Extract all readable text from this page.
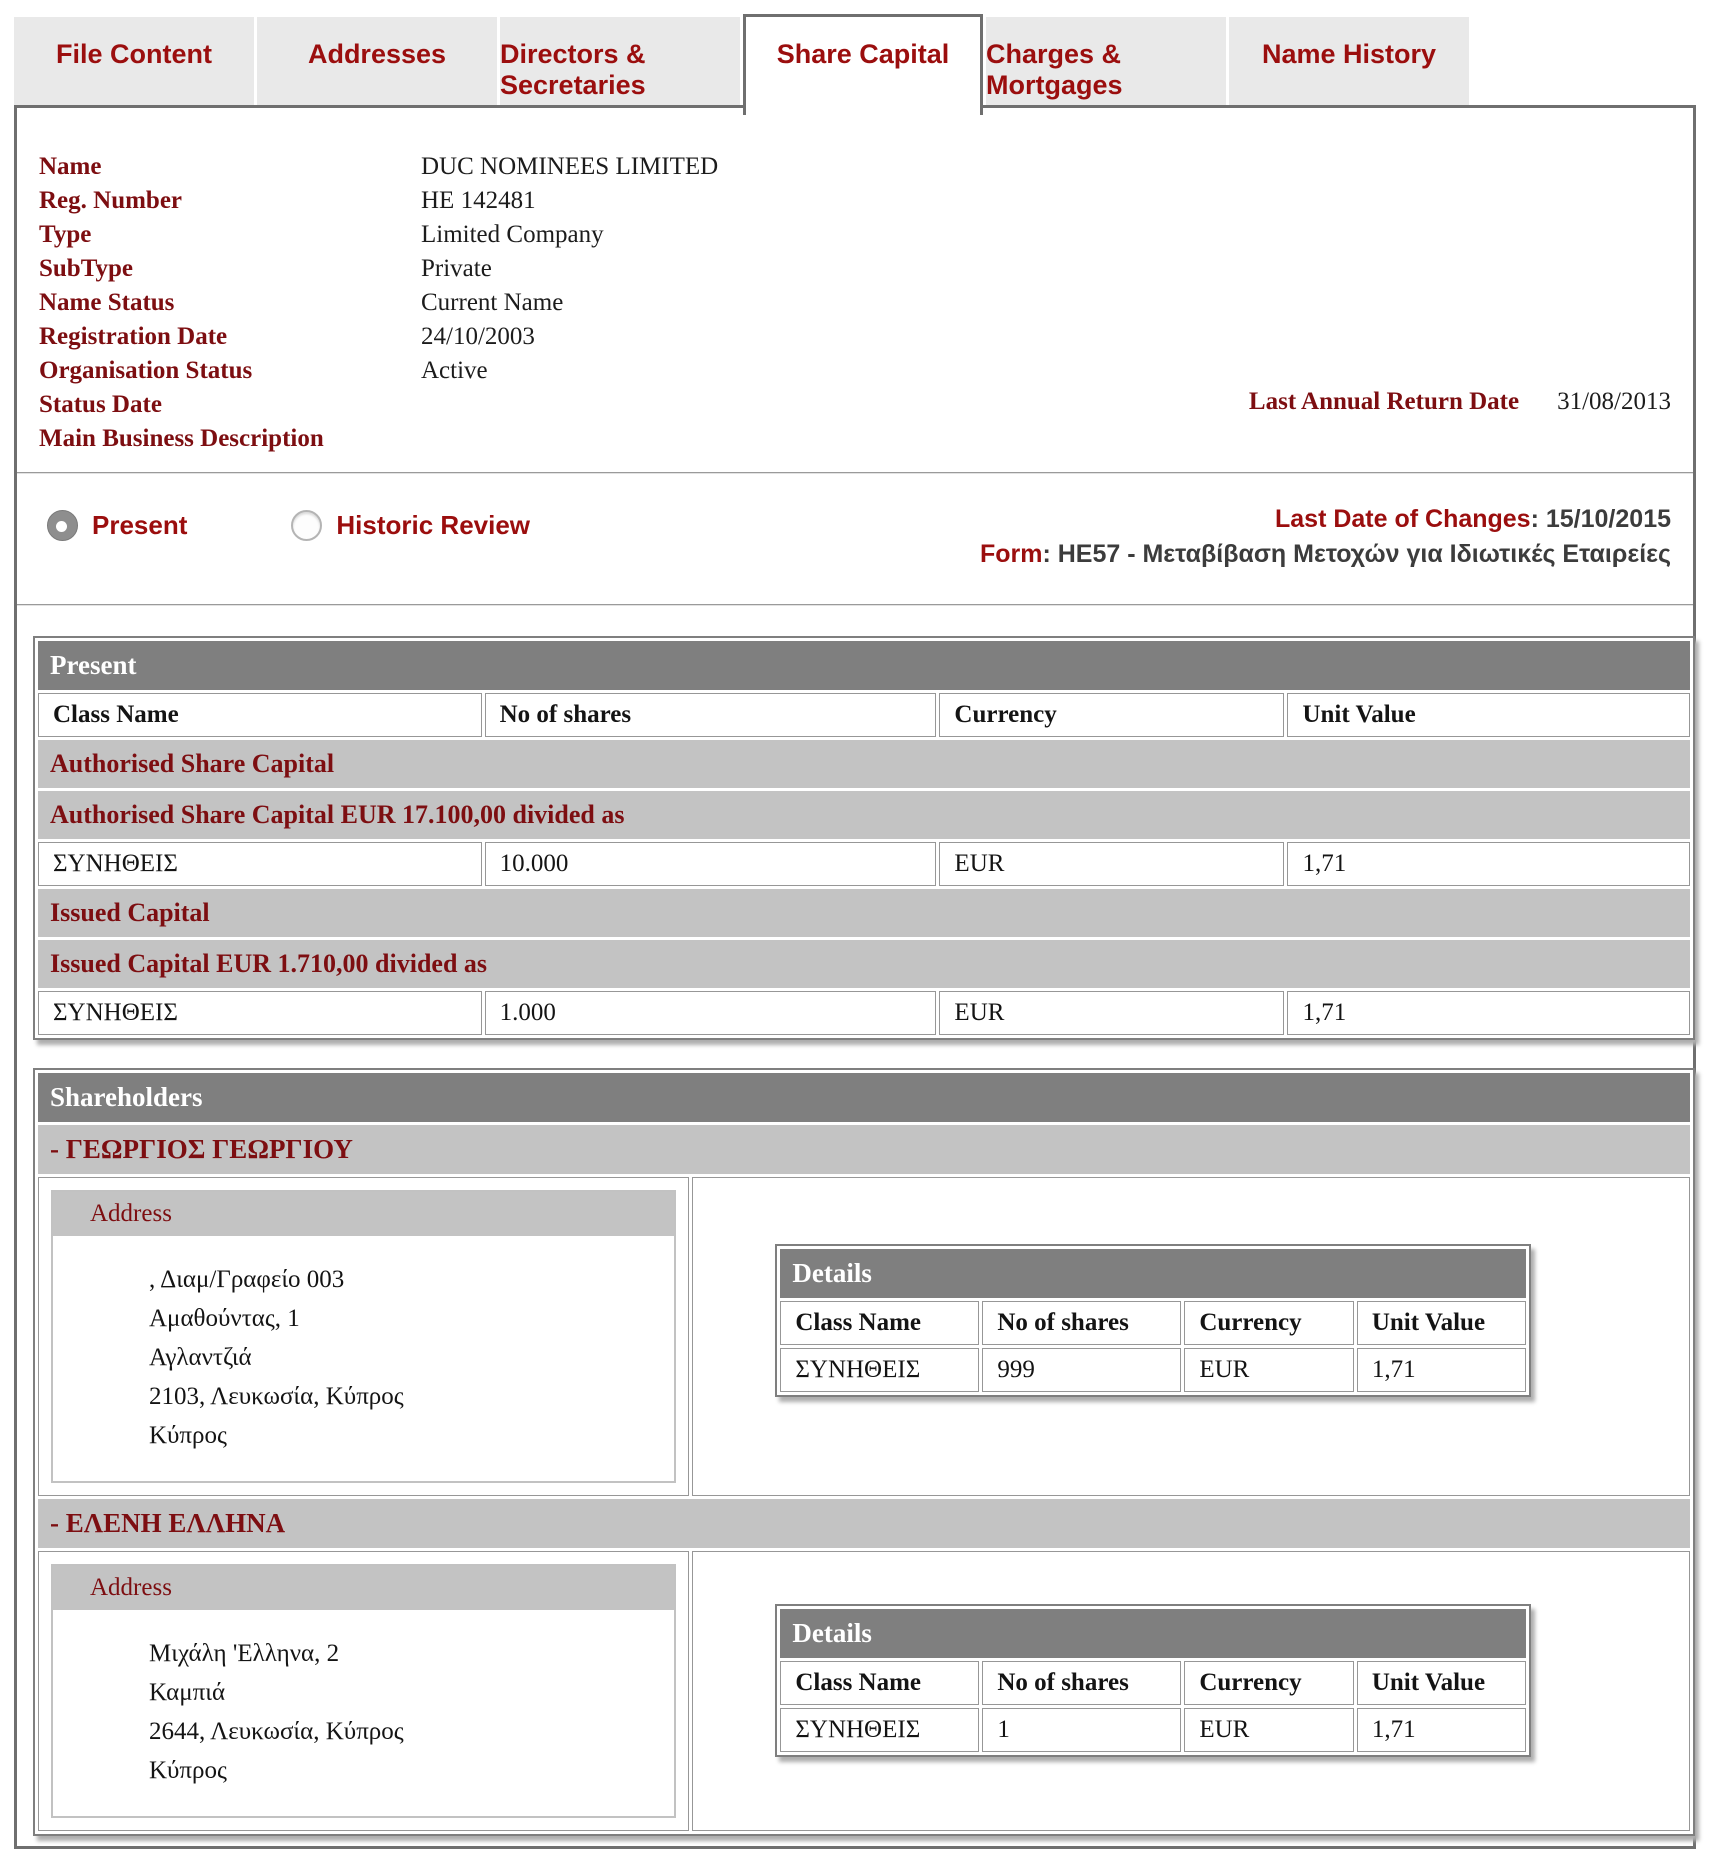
File Content	Addresses Directors & Secretaries
Share Capital Charges & Mortgages
Name History
Name	DUC NOMINEES LIMITED
Reg. Number	HE 142481
Type	Limited Company
SubType	Private
Name Status	Current Name
Registration Date	24/10/2003
Organisation Status	Active
Status Date
Main Business Description
Last Annual Return Date 31/08/2013
Present	Historic Review	Last Date of Changes: 15/10/2015
Form: HE57 - Μεταβίβαση Μετοχών για Ιδιωτικές Εταιρείες
Present			
Class Name	No of shares	Currency	Unit Value
Authorised Share Capital			
Authorised Share Capital EUR 17.100,00 divided as			
ΣΥΝΗΘΕΙΣ	10.000	EUR	1,71
Issued Capital			
Issued Capital EUR 1.710,00 divided as			
ΣΥΝΗΘΕΙΣ	1.000	EUR	1,71
Shareholders
- ΓΕΩΡΓΙΟΣ ΓΕΩΡΓΙΟΥ

Address
, Διαμ/Γραφείο 003
Αμαθούντας, 1
Αγλαντζιά
2103, Λευκωσία, Κύπρος
Κύπρος

Details
Class Name	No of shares	Currency	Unit Value
ΣΥΝΗΘΕΙΣ	999	EUR	1,71

- ΕΛΕΝΗ ΕΛΛΗΝΑ

Address
Μιχάλη 'Ελληνα, 2
Καμπιά
2644, Λευκωσία, Κύπρος
Κύπρος

Details
Class Name	No of shares	Currency	Unit Value
ΣΥΝΗΘΕΙΣ	1	EUR	1,71
